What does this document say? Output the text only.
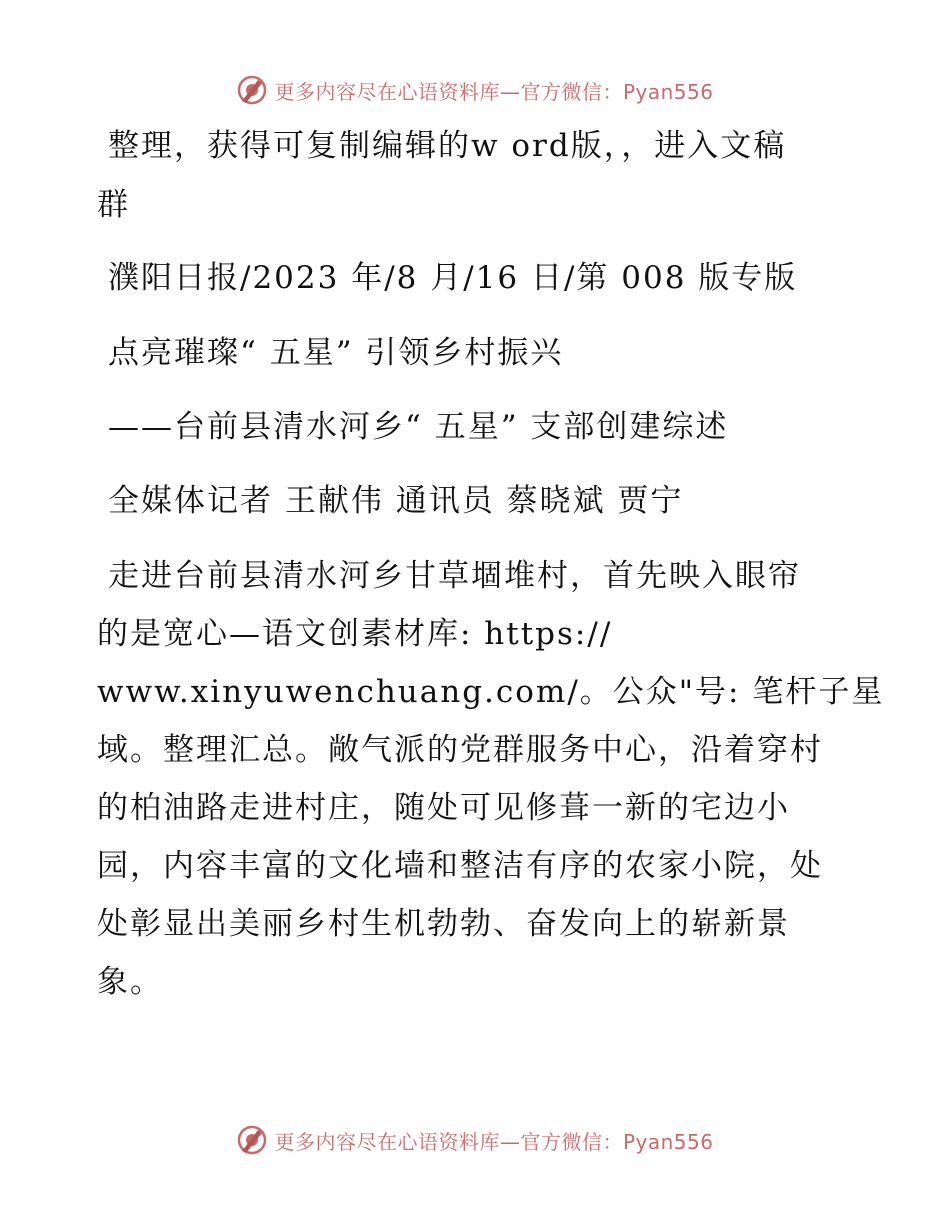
更多内容尽在心语资料库—官方微信：Pyan556
整理，获得可复制编辑的w ord版，，进入文稿
群
濮阳日报/2023 年/8 月/16 日/第 008 版专版
点亮璀璨“ 五星” 引领乡村振兴
——台前县清水河乡“ 五星” 支部创建综述
全媒体记者 王献伟 通讯员 蔡晓斌 贾宁
走进台前县清水河乡甘草堌堆村，首先映入眼帘
的是宽心—语文创素材库: https://
www.xinyuwenchuang.com/。公众"号: 笔杆子星
域。整理汇总。敞气派的党群服务中心，沿着穿村
的柏油路走进村庄，随处可见修葺一新的宅边小
园，内容丰富的文化墙和整洁有序的农家小院，处
处彰显出美丽乡村生机勃勃、奋发向上的崭新景
象。
更多内容尽在心语资料库—官方微信：Pyan556
